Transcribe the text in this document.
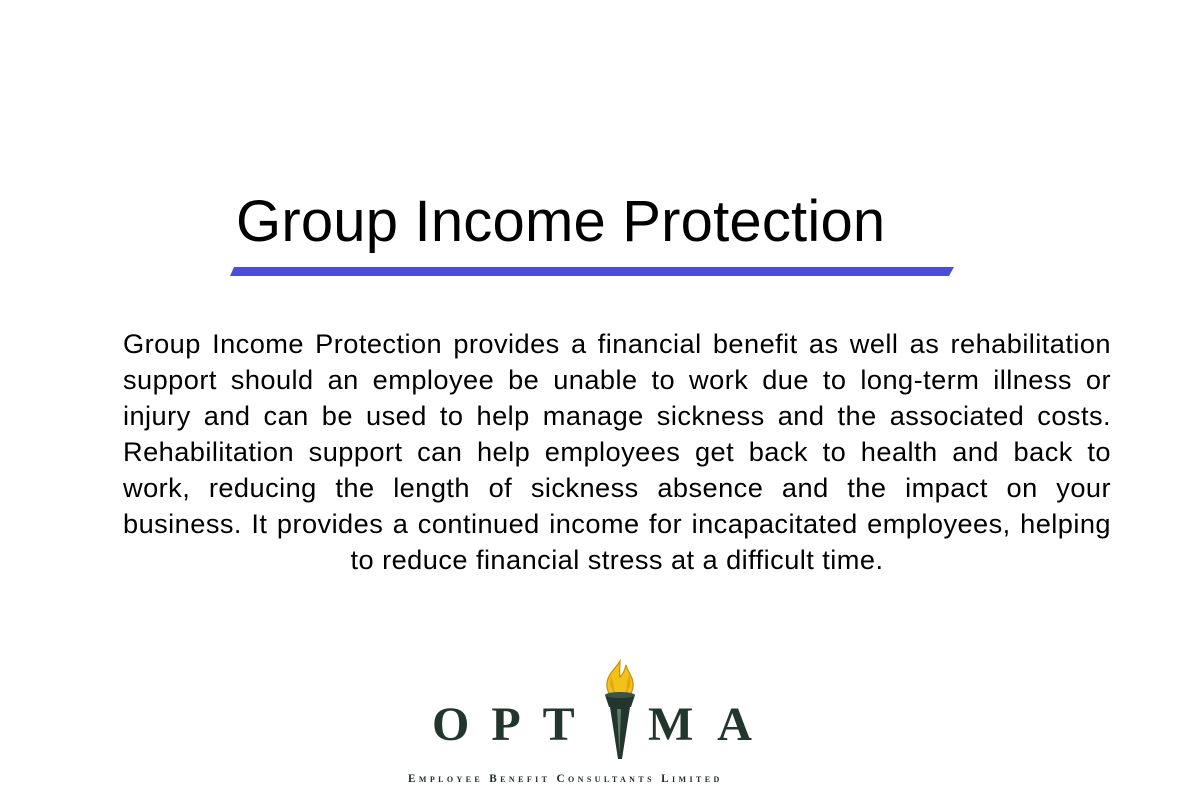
Group Income Protection

Group Income Protection provides a financial benefit as well as rehabilitation support should an employee be unable to work due to long-term illness or injury and can be used to help manage sickness and the associated costs. Rehabilitation support can help employees get back to health and back to work, reducing the length of sickness absence and the impact on your business. It provides a continued income for incapacitated employees, helping to reduce financial stress at a difficult time.

OPT MA
Employee Benefit Consultants Limited
